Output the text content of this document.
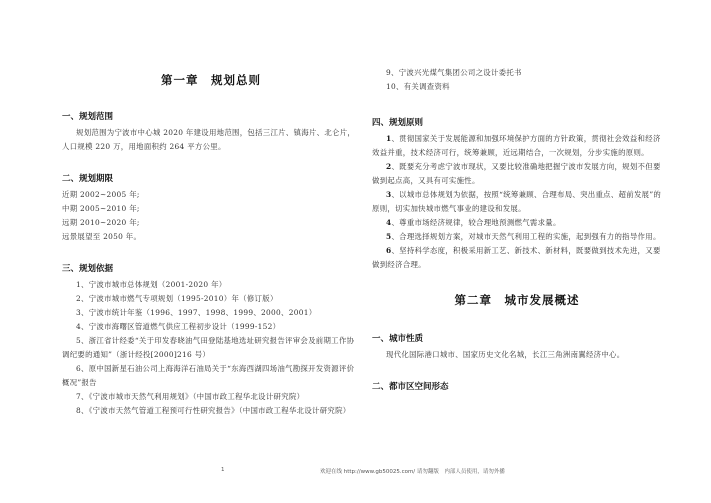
第一章　规划总则
一、规划范围

规划范围为宁波市中心城 2020 年建设用地范围，包括三江片、镇海片、北仑片，人口规模 220 万，用地面积约 264 平方公里。

二、规划期限

近期 2002~2005 年;

中期 2005~2010 年;

远期 2010~2020 年;

远景展望至 2050 年。

三、规划依据

1、宁波市城市总体规划（2001-2020 年）

2、宁波市城市燃气专项规划（1995-2010）年（修订版）

3、宁波市统计年鉴（1996、1997、1998、1999、2000、2001）

4、宁波市海曙区管道燃气供应工程初步设计（1999-152）

5、浙江省计经委“关于印发春晓油气田登陆基地选址研究报告评审会及前期工作协调纪要的通知”（浙计经投[2000]216 号）

6、原中国新星石油公司上海海洋石油局关于“东海西湖四场油气勘探开发资源评价概况”报告

7、《宁波市城市天然气利用规划》（中国市政工程华北设计研究院）

8、《宁波市天然气管道工程预可行性研究报告》（中国市政工程华北设计研究院）

9、宁波兴光煤气集团公司之设计委托书

10、有关调查资料

四、规划原则

1、贯彻国家关于发展能源和加强环境保护方面的方针政策，贯彻社会效益和经济效益并重，技术经济可行，统筹兼顾，近远期结合，一次规划，分步实施的原则。

2、既要充分考虑宁波市现状，又要比较准确地把握宁波市发展方向，规划不但要做到起点高，又具有可实施性。

3、以城市总体规划为依据，按照“统筹兼顾、合理布局、突出重点、超前发展”的原则，切实加快城市燃气事业的建设和发展。

4、尊重市场经济规律，较合理地预测燃气需求量。

5、合理选择规划方案，对城市天然气利用工程的实施，起到强有力的指导作用。

6、坚持科学态度，积极采用新工艺、新技术、新材料，既要做到技术先进，又要做到经济合理。

第二章　城市发展概述
一、城市性质

现代化国际港口城市、国家历史文化名城，长江三角洲南翼经济中心。

二、都市区空间形态
1	欢迎在线 http://www.gb50025.com/ 请勿翻版　内部人员使用，请勿外播
